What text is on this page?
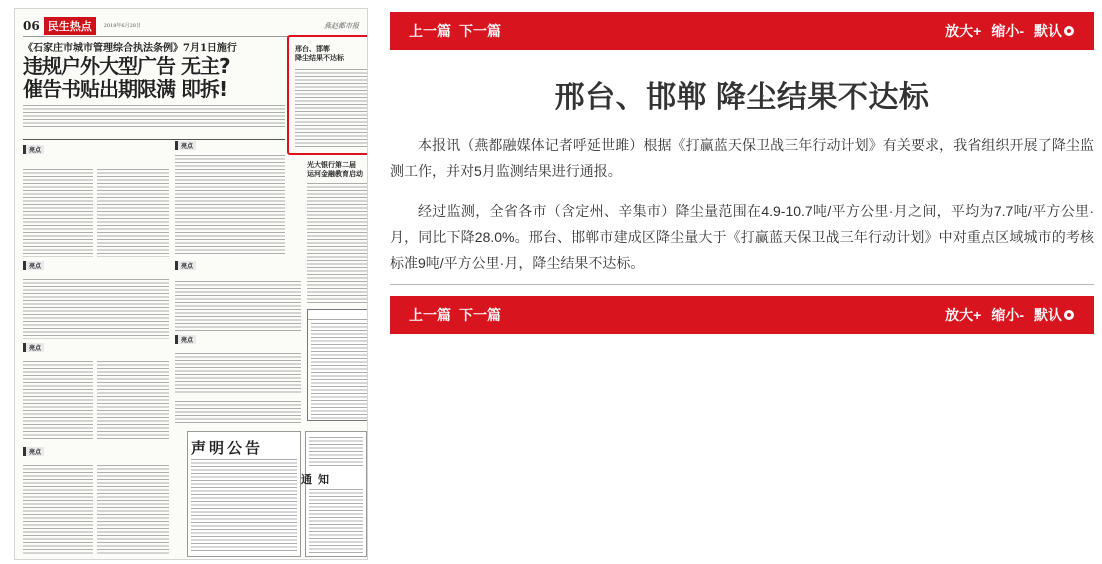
06 民生热点	2018年6月28日	燕赵都市报
《石家庄市城市管理综合执法条例》7月1日施行
违规户外大型广告 无主?
催告书贴出期限满 即拆!
邢台、邯郸
降尘结果不达标
亮点
亮点
亮点
亮点
亮点
亮点
亮点
光大银行第二届
运河金融教育启动
声明公告
通知
上一篇 下一篇	放大+ 缩小- 默认
邢台、邯郸 降尘结果不达标

本报讯（燕都融媒体记者呼延世雎）根据《打赢蓝天保卫战三年行动计划》有关要求，我省组织开展了降尘监测工作，并对5月监测结果进行通报。

经过监测，全省各市（含定州、辛集市）降尘量范围在4.9-10.7吨/平方公里·月之间，平均为7.7吨/平方公里·月，同比下降28.0%。邢台、邯郸市建成区降尘量大于《打赢蓝天保卫战三年行动计划》中对重点区域城市的考核标准9吨/平方公里·月，降尘结果不达标。

上一篇 下一篇	放大+ 缩小- 默认
